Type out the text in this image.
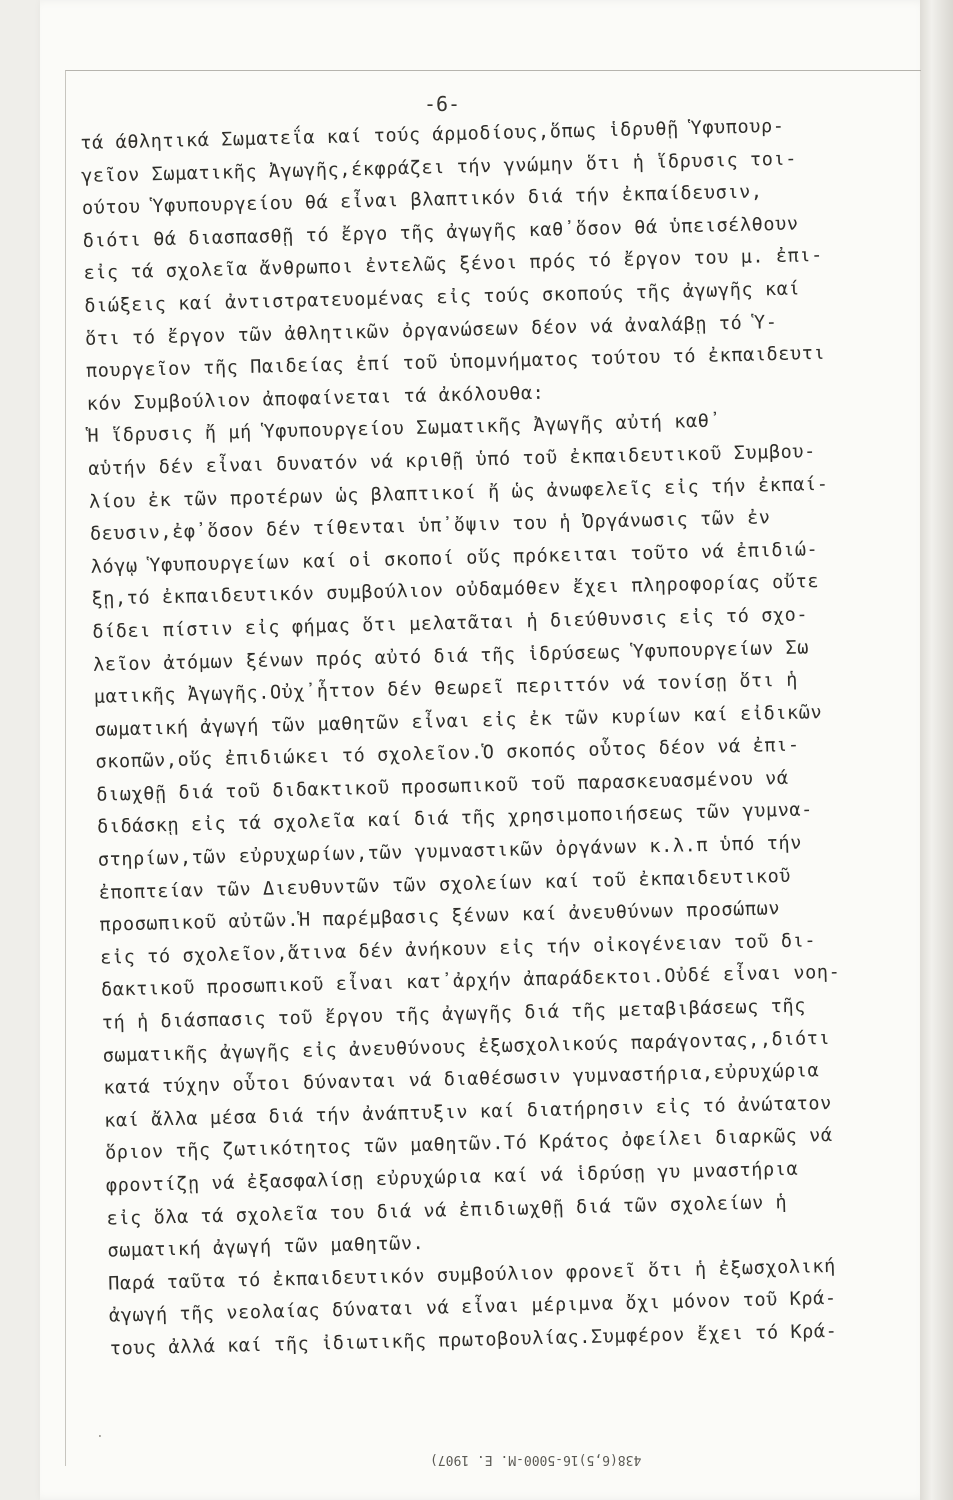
-6-
τά άθλητικά Σωματεΐα καί τούς άρμοδίους,ὅπως ἱδρυθῇ Ὑφυπουρ-
γεῖον Σωματικῆς Ἀγωγῆς,έκφράζει τήν γνώμην ὅτι ἡ ἵδρυσις τοι-
ούτου Ὑφυπουργείου θά εἶναι βλαπτικόν διά τήν ἐκπαίδευσιν,
διότι θά διασπασθῇ τό ἔργο τῆς ἀγωγῆς καθ᾽ὅσον θά ὑπεισέλθουν
εἰς τά σχολεῖα ἄνθρωποι ἐντελῶς ξένοι πρός τό ἔργον του μ. ἐπι-
διώξεις καί ἀντιστρατευομένας εἰς τούς σκοπούς τῆς ἀγωγῆς καί
ὅτι τό ἔργον τῶν ἀθλητικῶν ὀργανώσεων δέον νά ἀναλάβῃ τό Ὑ-
πουργεῖον τῆς Παιδείας ἐπί τοῦ ὑπομνήματος τούτου τό ἐκπαιδευτι
κόν Συμβούλιον ἀποφαίνεται τά ἀκόλουθα:
Ἡ ἵδρυσις ἤ μή Ὑφυπουργείου Σωματικῆς Ἀγωγῆς αὐτή καθ᾽
αὑτήν δέν εἶναι δυνατόν νά κριθῇ ὑπό τοῦ ἐκπαιδευτικοῦ Συμβου-
λίου ἐκ τῶν προτέρων ὡς βλαπτικοί ἤ ὡς ἀνωφελεῖς εἰς τήν ἐκπαί-
δευσιν,ἐφ᾽ὅσον δέν τίθενται ὑπ᾽ὄψιν του ἡ Ὀργάνωσις τῶν ἐν
λόγῳ Ὑφυπουργείων καί οἱ σκοποί οὕς πρόκειται τοῦτο νά ἐπιδιώ-
ξῃ,τό ἐκπαιδευτικόν συμβούλιον οὐδαμόθεν ἔχει πληροφορίας οὔτε
δίδει πίστιν εἰς φήμας ὅτι μελατᾶται ἡ διεύθυνσις εἰς τό σχο-
λεῖον ἀτόμων ξένων πρός αὐτό διά τῆς ἱδρύσεως Ὑφυπουργείων Σω
ματικῆς Ἀγωγῆς.Οὐχ᾽ἧττον δέν θεωρεῖ περιττόν νά τονίσῃ ὅτι ἡ
σωματική ἀγωγή τῶν μαθητῶν εἶναι εἰς ἐκ τῶν κυρίων καί εἰδικῶν
σκοπῶν,οὕς ἐπιδιώκει τό σχολεῖον.Ὁ σκοπός οὗτος δέον νά ἐπι-
διωχθῇ διά τοῦ διδακτικοῦ προσωπικοῦ τοῦ παρασκευασμένου νά
διδάσκῃ εἰς τά σχολεῖα καί διά τῆς χρησιμοποιήσεως τῶν γυμνα-
στηρίων,τῶν εὐρυχωρίων,τῶν γυμναστικῶν ὀργάνων κ.λ.π ὑπό τήν
ἐποπτείαν τῶν Διευθυντῶν τῶν σχολείων καί τοῦ ἐκπαιδευτικοῦ
προσωπικοῦ αὐτῶν.Ἡ παρέμβασις ξένων καί ἀνευθύνων προσώπων
εἰς τό σχολεῖον,ἅτινα δέν ἀνήκουν εἰς τήν οἰκογένειαν τοῦ δι-
δακτικοῦ προσωπικοῦ εἶναι κατ᾽ἀρχήν ἀπαράδεκτοι.Οὐδέ εἶναι νοη-
τή ἡ διάσπασις τοῦ ἔργου τῆς ἀγωγῆς διά τῆς μεταβιβάσεως τῆς
σωματικῆς ἀγωγῆς εἰς ἀνευθύνους ἐξωσχολικούς παράγοντας,,διότι
κατά τύχην οὗτοι δύνανται νά διαθέσωσιν γυμναστήρια,εὐρυχώρια
καί ἄλλα μέσα διά τήν ἀνάπτυξιν καί διατήρησιν εἰς τό ἀνώτατον
ὅριον τῆς ζωτικότητος τῶν μαθητῶν.Τό Κράτος ὀφείλει διαρκῶς νά
φροντίζῃ νά ἐξασφαλίσῃ εὐρυχώρια καί νά ἱδρύσῃ γυ μναστήρια
εἰς ὅλα τά σχολεῖα του διά νά ἐπιδιωχθῇ διά τῶν σχολείων ἡ
σωματική ἀγωγή τῶν μαθητῶν.
Παρά ταῦτα τό ἐκπαιδευτικόν συμβούλιον φρονεῖ ὅτι ἡ ἐξωσχολική
ἀγωγή τῆς νεολαίας δύναται νά εἶναι μέριμνα ὄχι μόνον τοῦ Κρά-
τους ἀλλά καί τῆς ἰδιωτικῆς πρωτοβουλίας.Συμφέρον ἔχει τό Κρά-
438(6,5)16-5000-M. E. 1907)
.
